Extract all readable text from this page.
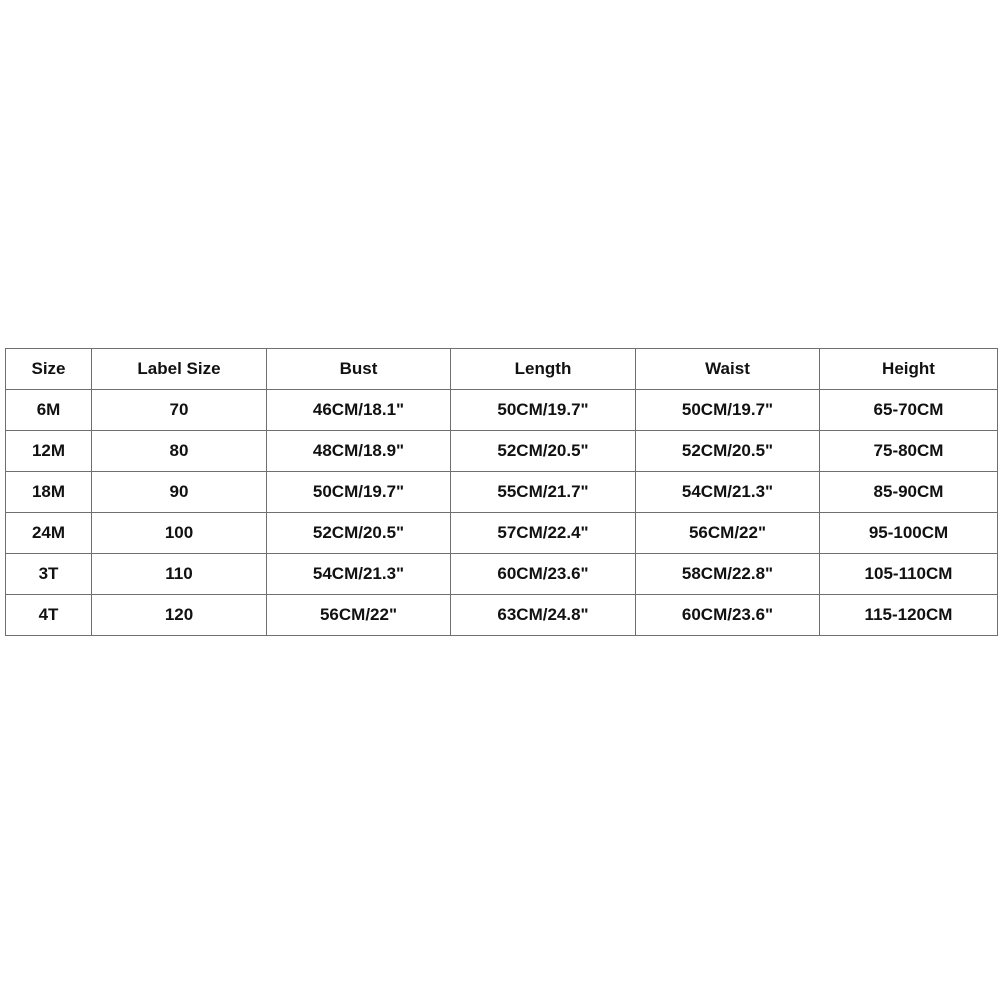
Size	Label Size	Bust	Length	Waist	Height
6M	70	46CM/18.1"	50CM/19.7"	50CM/19.7"	65-70CM
12M	80	48CM/18.9"	52CM/20.5"	52CM/20.5"	75-80CM
18M	90	50CM/19.7"	55CM/21.7"	54CM/21.3"	85-90CM
24M	100	52CM/20.5"	57CM/22.4"	56CM/22"	95-100CM
3T	110	54CM/21.3"	60CM/23.6"	58CM/22.8"	105-110CM
4T	120	56CM/22"	63CM/24.8"	60CM/23.6"	115-120CM
